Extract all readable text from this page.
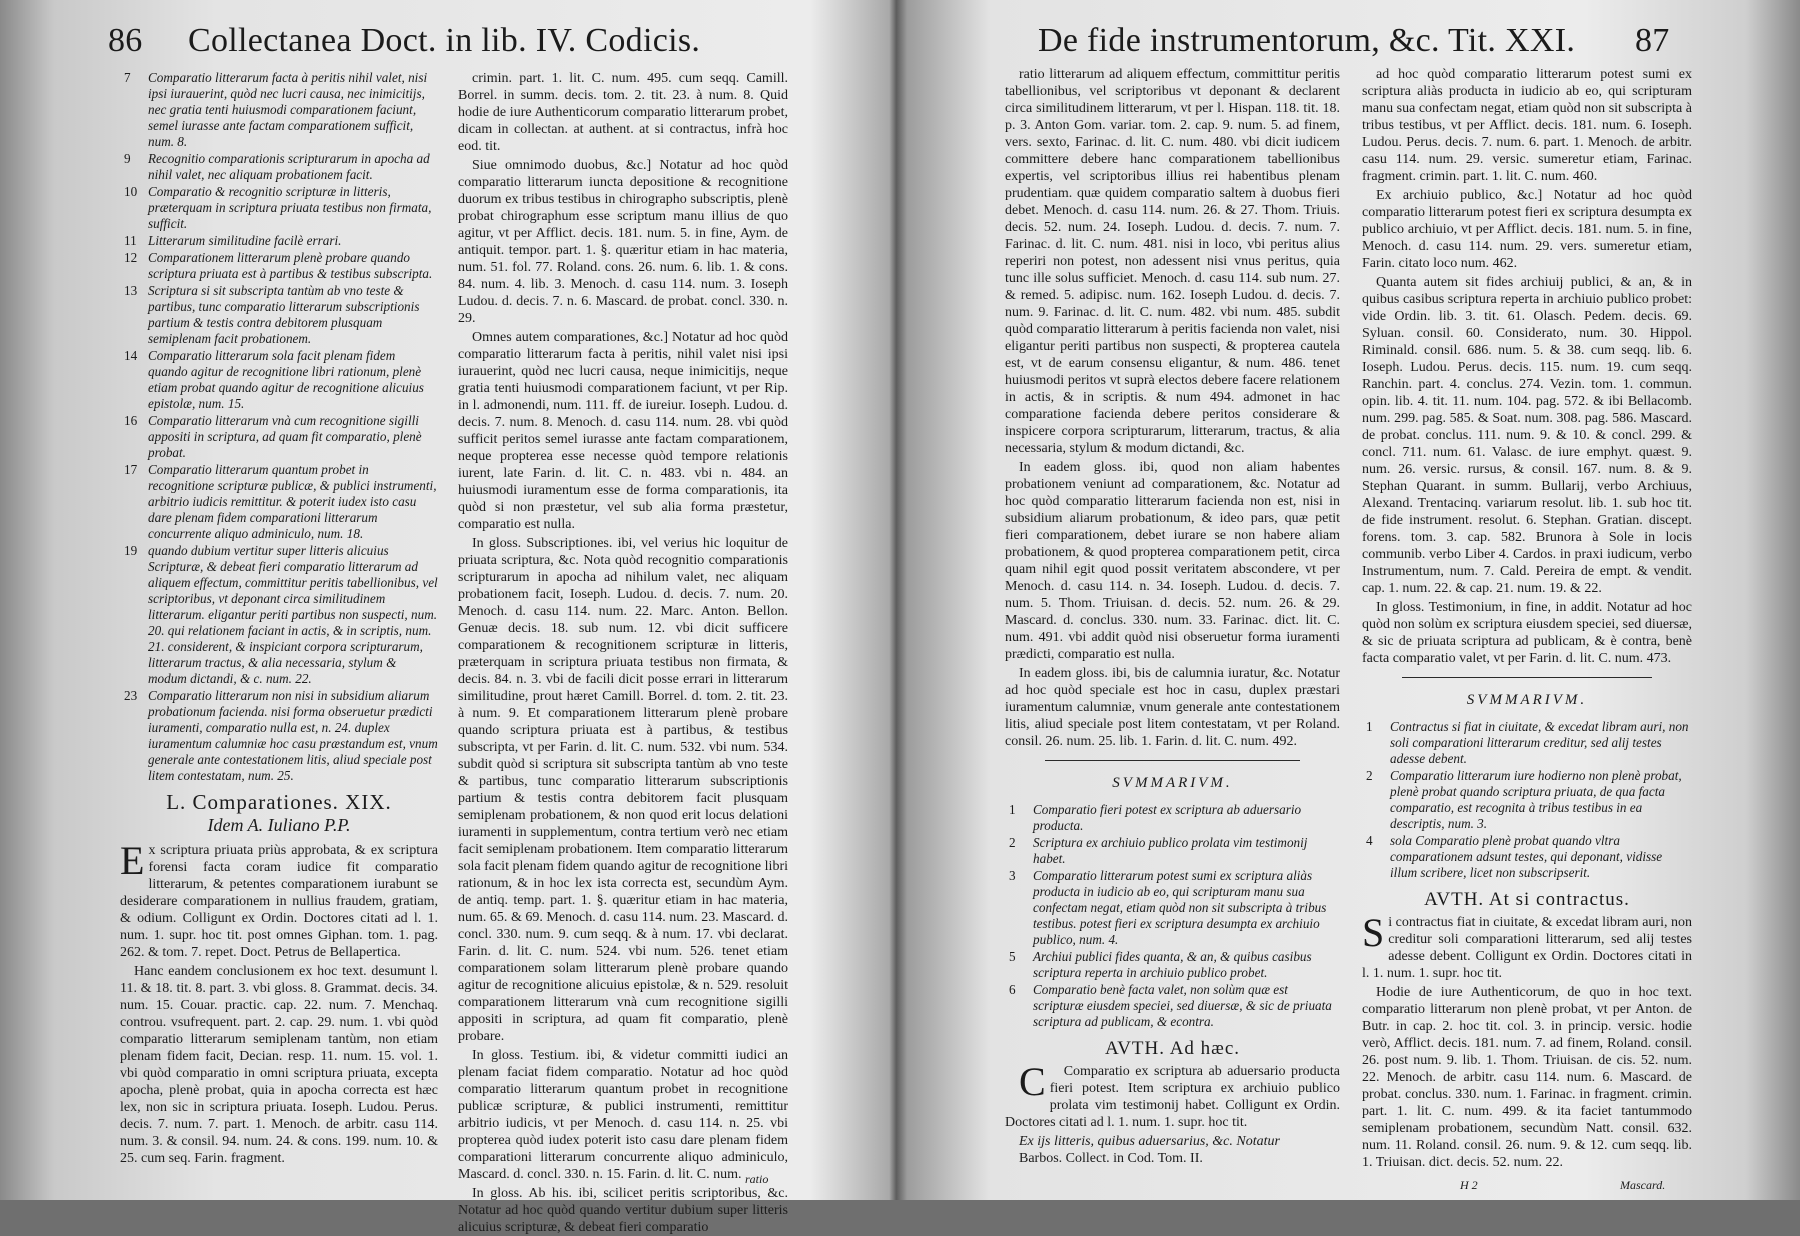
86 Collectanea Doct. in lib. IV. Codicis.
7 Comparatio litterarum facta à peritis nihil valet, nisi ipsi iurauerint, quòd nec lucri causa, nec inimicitijs, nec gratia tenti huiusmodi comparationem faciunt, semel iurasse ante factam comparationem sufficit, num. 8.
9 Recognitio comparationis scripturarum in apocha ad nihil valet, nec aliquam probationem facit.
10 Comparatio & recognitio scripturæ in litteris, præterquam in scriptura priuata testibus non firmata, sufficit.
11 Litterarum similitudine facilè errari.
12 Comparationem litterarum plenè probare quando scriptura priuata est à partibus & testibus subscripta.
13 Scriptura si sit subscripta tantùm ab vno teste & partibus, tunc comparatio litterarum subscriptionis partium & testis contra debitorem plusquam semiplenam facit probationem.
14 Comparatio litterarum sola facit plenam fidem quando agitur de recognitione libri rationum, plenè etiam probat quando agitur de recognitione alicuius epistolæ, num. 15.
16 Comparatio litterarum vnà cum recognitione sigilli appositi in scriptura, ad quam fit comparatio, plenè probat.
17 Comparatio litterarum quantum probet in recognitione scripturæ publicæ, & publici instrumenti, arbitrio iudicis remittitur. & poterit iudex isto casu dare plenam fidem comparationi litterarum concurrente aliquo adminiculo, num. 18.
19 quando dubium vertitur super litteris alicuius Scripturæ, & debeat fieri comparatio litterarum ad aliquem effectum, committitur peritis tabellionibus, vel scriptoribus, vt deponant circa similitudinem litterarum. eligantur periti partibus non suspecti, num. 20. qui relationem faciant in actis, & in scriptis, num. 21. considerent, & inspiciant corpora scripturarum, litterarum tractus, & alia necessaria, stylum & modum dictandi, & c. num. 22.
23 Comparatio litterarum non nisi in subsidium aliarum probationum facienda. nisi forma obseruetur prædicti iuramenti, comparatio nulla est, n. 24. duplex iuramentum calumniæ hoc casu præstandum est, vnum generale ante contestationem litis, aliud speciale post litem contestatam, num. 25.
L. Comparationes. XIX.
Idem A. Iuliano P.P.

Ex scriptura priuata priùs approbata, & ex scriptura forensi facta coram iudice fit comparatio litterarum, & petentes comparationem iurabunt se desiderare comparationem in nullius fraudem, gratiam, & odium. Colligunt ex Ordin. Doctores citati ad l. 1. num. 1. supr. hoc tit. post omnes Giphan. tom. 1. pag. 262. & tom. 7. repet. Doct. Petrus de Bellapertica.

Hanc eandem conclusionem ex hoc text. desumunt l. 11. & 18. tit. 8. part. 3. vbi gloss. 8. Grammat. decis. 34. num. 15. Couar. practic. cap. 22. num. 7. Menchaq. controu. vsufrequent. part. 2. cap. 29. num. 1. vbi quòd comparatio litterarum semiplenam tantùm, non etiam plenam fidem facit, Decian. resp. 11. num. 15. vol. 1. vbi quòd comparatio in omni scriptura priuata, excepta apocha, plenè probat, quia in apocha correcta est hæc lex, non sic in scriptura priuata. Ioseph. Ludou. Perus. decis. 7. num. 7. part. 1. Menoch. de arbitr. casu 114. num. 3. & consil. 94. num. 24. & cons. 199. num. 10. & 25. cum seq. Farin. fragment.

crimin. part. 1. lit. C. num. 495. cum seqq. Camill. Borrel. in summ. decis. tom. 2. tit. 23. à num. 8. Quid hodie de iure Authenticorum comparatio litterarum probet, dicam in collectan. at authent. at si contractus, infrà hoc eod. tit.

Siue omnimodo duobus, &c.] Notatur ad hoc quòd comparatio litterarum iuncta depositione & recognitione duorum ex tribus testibus in chirographo subscriptis, plenè probat chirographum esse scriptum manu illius de quo agitur, vt per Afflict. decis. 181. num. 5. in fine, Aym. de antiquit. tempor. part. 1. §. quæritur etiam in hac materia, num. 51. fol. 77. Roland. cons. 26. num. 6. lib. 1. & cons. 84. num. 4. lib. 3. Menoch. d. casu 114. num. 3. Ioseph Ludou. d. decis. 7. n. 6. Mascard. de probat. concl. 330. n. 29.

Omnes autem comparationes, &c.] Notatur ad hoc quòd comparatio litterarum facta à peritis, nihil valet nisi ipsi iurauerint, quòd nec lucri causa, neque inimicitijs, neque gratia tenti huiusmodi comparationem faciunt, vt per Rip. in l. admonendi, num. 111. ff. de iureiur. Ioseph. Ludou. d. decis. 7. num. 8. Menoch. d. casu 114. num. 28. vbi quòd sufficit peritos semel iurasse ante factam comparationem, neque propterea esse necesse quòd tempore relationis iurent, late Farin. d. lit. C. n. 483. vbi n. 484. an huiusmodi iuramentum esse de forma comparationis, ita quòd si non præstetur, vel sub alia forma præstetur, comparatio est nulla.

In gloss. Subscriptiones. ibi, vel verius hic loquitur de priuata scriptura, &c. Nota quòd recognitio comparationis scripturarum in apocha ad nihilum valet, nec aliquam probationem facit, Ioseph. Ludou. d. decis. 7. num. 20. Menoch. d. casu 114. num. 22. Marc. Anton. Bellon. Genuæ decis. 18. sub num. 12. vbi dicit sufficere comparationem & recognitionem scripturæ in litteris, præterquam in scriptura priuata testibus non firmata, & decis. 84. n. 3. vbi de facili dicit posse errari in litterarum similitudine, prout hæret Camill. Borrel. d. tom. 2. tit. 23. à num. 9. Et comparationem litterarum plenè probare quando scriptura priuata est à partibus, & testibus subscripta, vt per Farin. d. lit. C. num. 532. vbi num. 534. subdit quòd si scriptura sit subscripta tantùm ab vno teste & partibus, tunc comparatio litterarum subscriptionis partium & testis contra debitorem facit plusquam semiplenam probationem, & non quod erit locus delationi iuramenti in supplementum, contra tertium verò nec etiam facit semiplenam probationem. Item comparatio litterarum sola facit plenam fidem quando agitur de recognitione libri rationum, & in hoc lex ista correcta est, secundùm Aym. de antiq. temp. part. 1. §. quæritur etiam in hac materia, num. 65. & 69. Menoch. d. casu 114. num. 23. Mascard. d. concl. 330. num. 9. cum seqq. & à num. 17. vbi declarat. Farin. d. lit. C. num. 524. vbi num. 526. tenet etiam comparationem solam litterarum plenè probare quando agitur de recognitione alicuius epistolæ, & n. 529. resoluit comparationem litterarum vnà cum recognitione sigilli appositi in scriptura, ad quam fit comparatio, plenè probare.

In gloss. Testium. ibi, & videtur committi iudici an plenam faciat fidem comparatio. Notatur ad hoc quòd comparatio litterarum quantum probet in recognitione publicæ scripturæ, & publici instrumenti, remittitur arbitrio iudicis, vt per Menoch. d. casu 114. n. 25. vbi propterea quòd iudex poterit isto casu dare plenam fidem comparationi litterarum concurrente aliquo adminiculo, Mascard. d. concl. 330. n. 15. Farin. d. lit. C. num.

In gloss. Ab his. ibi, scilicet peritis scriptoribus, &c. Notatur ad hoc quòd quando vertitur dubium super litteris alicuius scripturæ, & debeat fieri comparatio

ratio
De fide instrumentorum, &c. Tit. XXI. 87

ratio litterarum ad aliquem effectum, committitur peritis tabellionibus, vel scriptoribus vt deponant & declarent circa similitudinem litterarum, vt per l. Hispan. 118. tit. 18. p. 3. Anton Gom. variar. tom. 2. cap. 9. num. 5. ad finem, vers. sexto, Farinac. d. lit. C. num. 480. vbi dicit iudicem committere debere hanc comparationem tabellionibus expertis, vel scriptoribus illius rei habentibus plenam prudentiam. quæ quidem comparatio saltem à duobus fieri debet. Menoch. d. casu 114. num. 26. & 27. Thom. Triuis. decis. 52. num. 24. Ioseph. Ludou. d. decis. 7. num. 7. Farinac. d. lit. C. num. 481. nisi in loco, vbi peritus alius reperiri non potest, non adessent nisi vnus peritus, quia tunc ille solus sufficiet. Menoch. d. casu 114. sub num. 27. & remed. 5. adipisc. num. 162. Ioseph Ludou. d. decis. 7. num. 9. Farinac. d. lit. C. num. 482. vbi num. 485. subdit quòd comparatio litterarum à peritis facienda non valet, nisi eligantur periti partibus non suspecti, & propterea cautela est, vt de earum consensu eligantur, & num. 486. tenet huiusmodi peritos vt suprà electos debere facere relationem in actis, & in scriptis. & num 494. admonet in hac comparatione facienda debere peritos considerare & inspicere corpora scripturarum, litterarum, tractus, & alia necessaria, stylum & modum dictandi, &c.

In eadem gloss. ibi, quod non aliam habentes probationem veniunt ad comparationem, &c. Notatur ad hoc quòd comparatio litterarum facienda non est, nisi in subsidium aliarum probationum, & ideo pars, quæ petit fieri comparationem, debet iurare se non habere aliam probationem, & quod propterea comparationem petit, circa quam nihil egit quod possit veritatem abscondere, vt per Menoch. d. casu 114. n. 34. Ioseph. Ludou. d. decis. 7. num. 5. Thom. Triuisan. d. decis. 52. num. 26. & 29. Mascard. d. conclus. 330. num. 33. Farinac. dict. lit. C. num. 491. vbi addit quòd nisi obseruetur forma iuramenti prædicti, comparatio est nulla.

In eadem gloss. ibi, bis de calumnia iuratur, &c. Notatur ad hoc quòd speciale est hoc in casu, duplex præstari iuramentum calumniæ, vnum generale ante contestationem litis, aliud speciale post litem contestatam, vt per Roland. consil. 26. num. 25. lib. 1. Farin. d. lit. C. num. 492.

SVMMARIVM.
1 Comparatio fieri potest ex scriptura ab aduersario producta.
2 Scriptura ex archiuio publico prolata vim testimonij habet.
3 Comparatio litterarum potest sumi ex scriptura aliàs producta in iudicio ab eo, qui scripturam manu sua confectam negat, etiam quòd non sit subscripta à tribus testibus. potest fieri ex scriptura desumpta ex archiuio publico, num. 4.
5 Archiui publici fides quanta, & an, & quibus casibus scriptura reperta in archiuio publico probet.
6 Comparatio benè facta valet, non solùm quæ est scripturæ eiusdem speciei, sed diuersæ, & sic de priuata scriptura ad publicam, & econtra.
AVTH. Ad hæc.

C Comparatio ex scriptura ab aduersario producta fieri potest. Item scriptura ex archiuio publico prolata vim testimonij habet. Colligunt ex Ordin. Doctores citati ad l. 1. num. 1. supr. hoc tit.

Ex ijs litteris, quibus aduersarius, &c. Notatur

Barbos. Collect. in Cod. Tom. II.

ad hoc quòd comparatio litterarum potest sumi ex scriptura aliàs producta in iudicio ab eo, qui scripturam manu sua confectam negat, etiam quòd non sit subscripta à tribus testibus, vt per Afflict. decis. 181. num. 6. Ioseph. Ludou. Perus. decis. 7. num. 6. part. 1. Menoch. de arbitr. casu 114. num. 29. versic. sumeretur etiam, Farinac. fragment. crimin. part. 1. lit. C. num. 460.

Ex archiuio publico, &c.] Notatur ad hoc quòd comparatio litterarum potest fieri ex scriptura desumpta ex publico archiuio, vt per Afflict. decis. 181. num. 5. in fine, Menoch. d. casu 114. num. 29. vers. sumeretur etiam, Farin. citato loco num. 462.

Quanta autem sit fides archiuij publici, & an, & in quibus casibus scriptura reperta in archiuio publico probet: vide Ordin. lib. 3. tit. 61. Olasch. Pedem. decis. 69. Syluan. consil. 60. Considerato, num. 30. Hippol. Riminald. consil. 686. num. 5. & 38. cum seqq. lib. 6. Ioseph. Ludou. Perus. decis. 115. num. 19. cum seqq. Ranchin. part. 4. conclus. 274. Vezin. tom. 1. commun. opin. lib. 4. tit. 11. num. 104. pag. 572. & ibi Bellacomb. num. 299. pag. 585. & Soat. num. 308. pag. 586. Mascard. de probat. conclus. 111. num. 9. & 10. & concl. 299. & concl. 711. num. 61. Valasc. de iure emphyt. quæst. 9. num. 26. versic. rursus, & consil. 167. num. 8. & 9. Stephan Quarant. in summ. Bullarij, verbo Archiuus, Alexand. Trentacinq. variarum resolut. lib. 1. sub hoc tit. de fide instrument. resolut. 6. Stephan. Gratian. discept. forens. tom. 3. cap. 582. Brunora à Sole in locis communib. verbo Liber 4. Cardos. in praxi iudicum, verbo Instrumentum, num. 7. Cald. Pereira de empt. & vendit. cap. 1. num. 22. & cap. 21. num. 19. & 22.

In gloss. Testimonium, in fine, in addit. Notatur ad hoc quòd non solùm ex scriptura eiusdem speciei, sed diuersæ, & sic de priuata scriptura ad publicam, & è contra, benè facta comparatio valet, vt per Farin. d. lit. C. num. 473.

SVMMARIVM.
1 Contractus si fiat in ciuitate, & excedat libram auri, non soli comparationi litterarum creditur, sed alij testes adesse debent.
2 Comparatio litterarum iure hodierno non plenè probat, plenè probat quando scriptura priuata, de qua facta comparatio, est recognita à tribus testibus in ea descriptis, num. 3.
4 sola Comparatio plenè probat quando vltra comparationem adsunt testes, qui deponant, vidisse illum scribere, licet non subscripserit.
AVTH. At si contractus.

Si contractus fiat in ciuitate, & excedat libram auri, non creditur soli comparationi litterarum, sed alij testes adesse debent. Colligunt ex Ordin. Doctores citati in l. 1. num. 1. supr. hoc tit.

Hodie de iure Authenticorum, de quo in hoc text. comparatio litterarum non plenè probat, vt per Anton. de Butr. in cap. 2. hoc tit. col. 3. in princip. versic. hodie verò, Afflict. decis. 181. num. 7. ad finem, Roland. consil. 26. post num. 9. lib. 1. Thom. Triuisan. de cis. 52. num. 22. Menoch. de arbitr. casu 114. num. 6. Mascard. de probat. conclus. 330. num. 1. Farinac. in fragment. crimin. part. 1. lit. C. num. 499. & ita faciet tantummodo semiplenam probationem, secundùm Natt. consil. 632. num. 11. Roland. consil. 26. num. 9. & 12. cum seqq. lib. 1. Triuisan. dict. decis. 52. num. 22.

H 2	Mascard.
